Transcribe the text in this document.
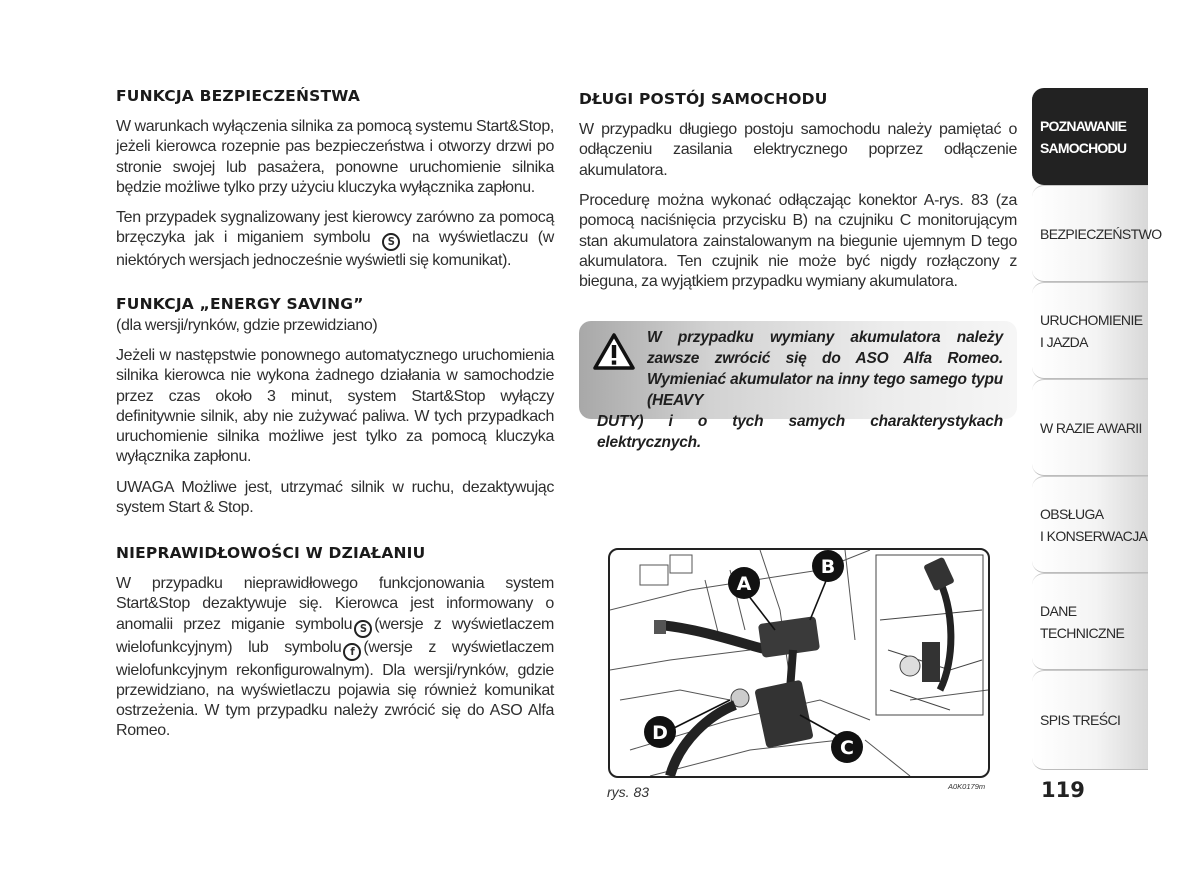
FUNKCJA BEZPIECZEŃSTWA
W warunkach wyłączenia silnika za pomocą systemu Start&Stop, jeżeli kierowca rozepnie pas bezpieczeństwa i otworzy drzwi po stronie swojej lub pasażera, ponowne uruchomienie silnika będzie możliwe tylko przy użyciu kluczyka wyłącznika zapłonu.
Ten przypadek sygnalizowany jest kierowcy zarówno za pomocą brzęczyka jak i miganiem symbolu S na wyświetlaczu (w niektórych wersjach jednocześnie wyświetli się komunikat).
FUNKCJA „ENERGY SAVING”
(dla wersji/rynków, gdzie przewidziano)
Jeżeli w następstwie ponownego automatycznego uruchomienia silnika kierowca nie wykona żadnego działania w samochodzie przez czas około 3 minut, system Start&Stop wyłączy definitywnie silnik, aby nie zużywać paliwa. W tych przypadkach uruchomienie silnika możliwe jest tylko za pomocą kluczyka wyłącznika zapłonu.
UWAGA Możliwe jest, utrzymać silnik w ruchu, dezaktywując system Start & Stop.
NIEPRAWIDŁOWOŚCI W DZIAŁANIU
W przypadku nieprawidłowego funkcjonowania system Start&Stop dezaktywuje się. Kierowca jest informowany o anomalii przez miganie symbolu S (wersje z wyświetlaczem wielofunkcyjnym) lub symbolu f (wersje z wyświetlaczem wielofunkcyjnym rekonfigurowalnym). Dla wersji/rynków, gdzie przewidziano, na wyświetlaczu pojawia się również komunikat ostrzeżenia. W tym przypadku należy zwrócić się do ASO Alfa Romeo.
DŁUGI POSTÓJ SAMOCHODU
W przypadku długiego postoju samochodu należy pamiętać o odłączeniu zasilania elektrycznego poprzez odłączenie akumulatora.
Procedurę można wykonać odłączając konektor A-rys. 83 (za pomocą naciśnięcia przycisku B) na czujniku C monitorującym stan akumulatora zainstalowanym na biegunie ujemnym D tego akumulatora. Ten czujnik nie może być nigdy rozłączony z bieguna, za wyjątkiem przypadku wymiany akumulatora.
W przypadku wymiany akumulatora należy zawsze zwrócić się do ASO Alfa Romeo. Wymieniać akumulator na inny tego samego typu (HEAVY
DUTY) i o tych samych charakterystykach elektrycznych.
A
B
C
D
rys. 83	A0K0179m
POZNAWANIE
SAMOCHODU
BEZPIECZEŃSTWO
URUCHOMIENIE
I JAZDA
W RAZIE AWARII
OBSŁUGA
I KONSERWACJA
DANE
TECHNICZNE
SPIS TREŚCI
119
